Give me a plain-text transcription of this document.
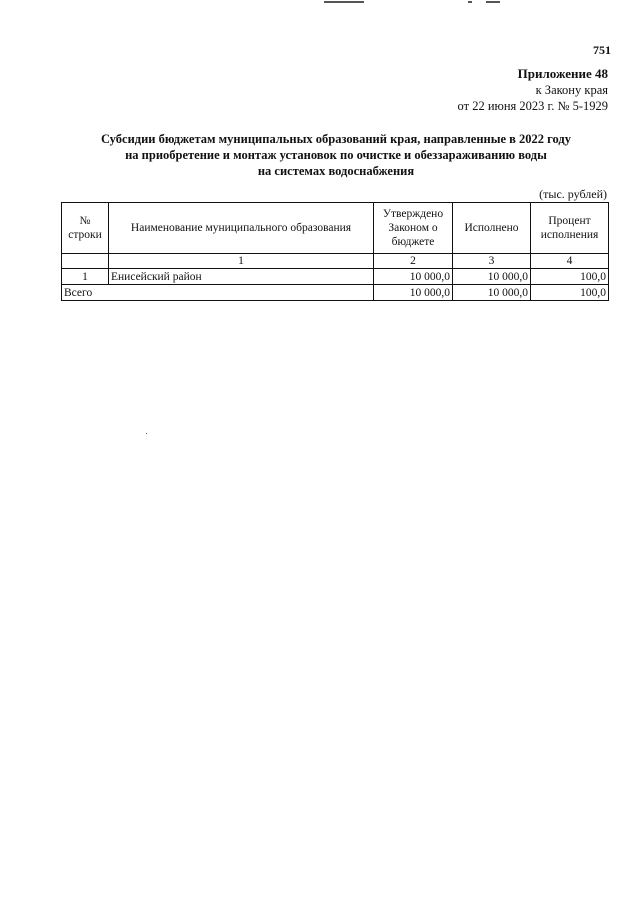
751
Приложение 48
к Закону края
от 22 июня 2023 г. № 5-1929
Субсидии бюджетам муниципальных образований края, направленные в 2022 году
на приобретение и монтаж установок по очистке и обеззараживанию воды
на системах водоснабжения
(тыс. рублей)
№ строки	Наименование муниципального образования	Утверждено Законом о бюджете	Исполнено	Процент исполнения
	1	2	3	4
1	Енисейский район	10 000,0	10 000,0	100,0
Всего		10 000,0	10 000,0	100,0
